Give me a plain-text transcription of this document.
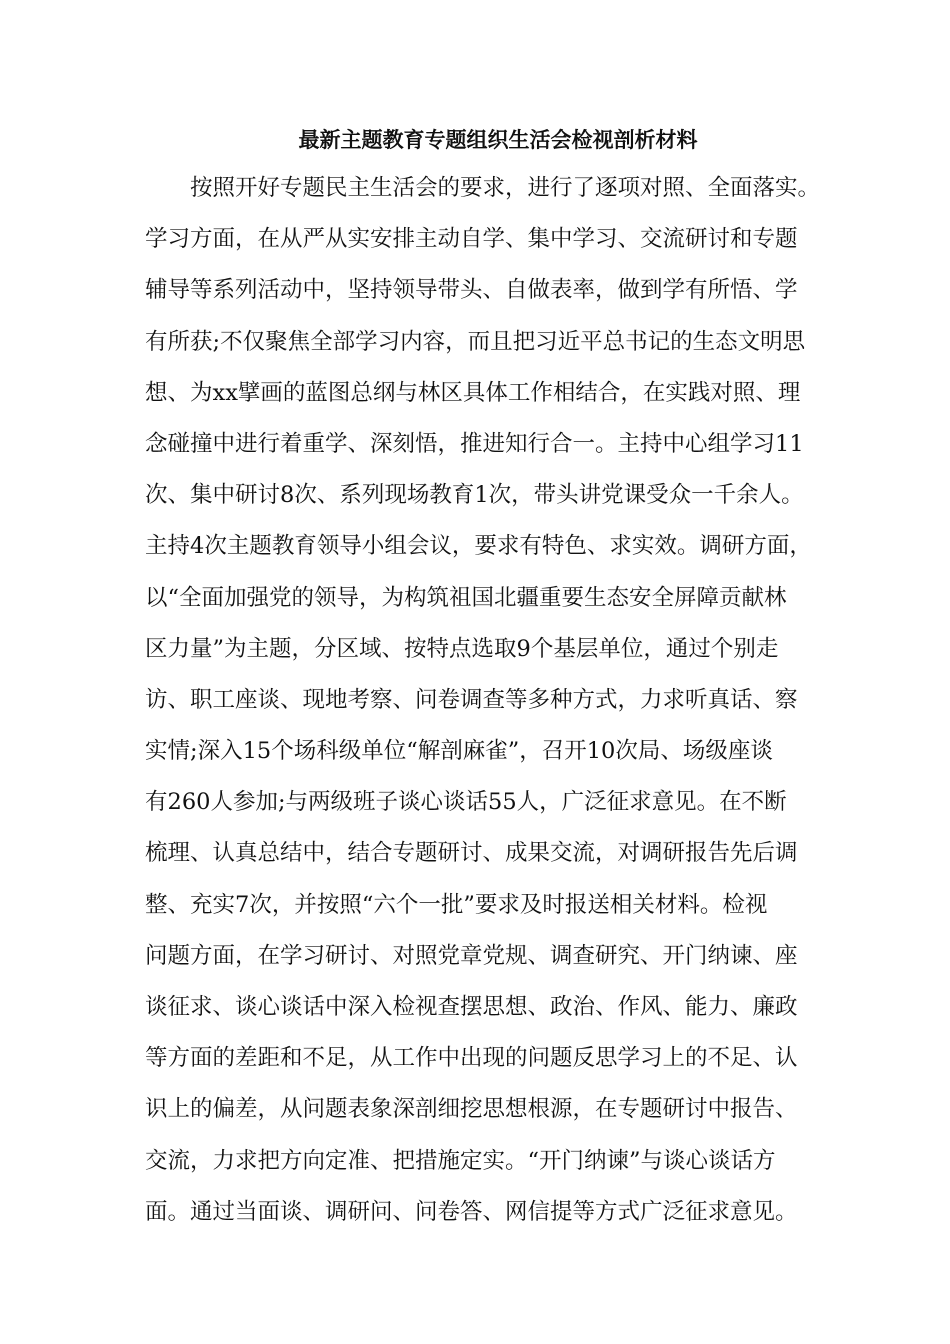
最新主题教育专题组织生活会检视剖析材料
按照开好专题民主生活会的要求，进行了逐项对照、全面落实。
学习方面，在从严从实安排主动自学、集中学习、交流研讨和专题
辅导等系列活动中，坚持领导带头、自做表率，做到学有所悟、学
有所获;不仅聚焦全部学习内容，而且把习近平总书记的生态文明思
想、为xx擘画的蓝图总纲与林区具体工作相结合，在实践对照、理
念碰撞中进行着重学、深刻悟，推进知行合一。主持中心组学习11
次、集中研讨8次、系列现场教育1次，带头讲党课受众一千余人。
主持4次主题教育领导小组会议，要求有特色、求实效。调研方面，
以“全面加强党的领导，为构筑祖国北疆重要生态安全屏障贡献林
区力量”为主题，分区域、按特点选取9个基层单位，通过个别走
访、职工座谈、现地考察、问卷调查等多种方式，力求听真话、察
实情;深入15个场科级单位“解剖麻雀”，召开10次局、场级座谈
有260人参加;与两级班子谈心谈话55人，广泛征求意见。在不断
梳理、认真总结中，结合专题研讨、成果交流，对调研报告先后调
整、充实7次，并按照“六个一批”要求及时报送相关材料。检视
问题方面，在学习研讨、对照党章党规、调查研究、开门纳谏、座
谈征求、谈心谈话中深入检视查摆思想、政治、作风、能力、廉政
等方面的差距和不足，从工作中出现的问题反思学习上的不足、认
识上的偏差，从问题表象深剖细挖思想根源，在专题研讨中报告、
交流，力求把方向定准、把措施定实。“开门纳谏”与谈心谈话方
面。通过当面谈、调研问、问卷答、网信提等方式广泛征求意见。
